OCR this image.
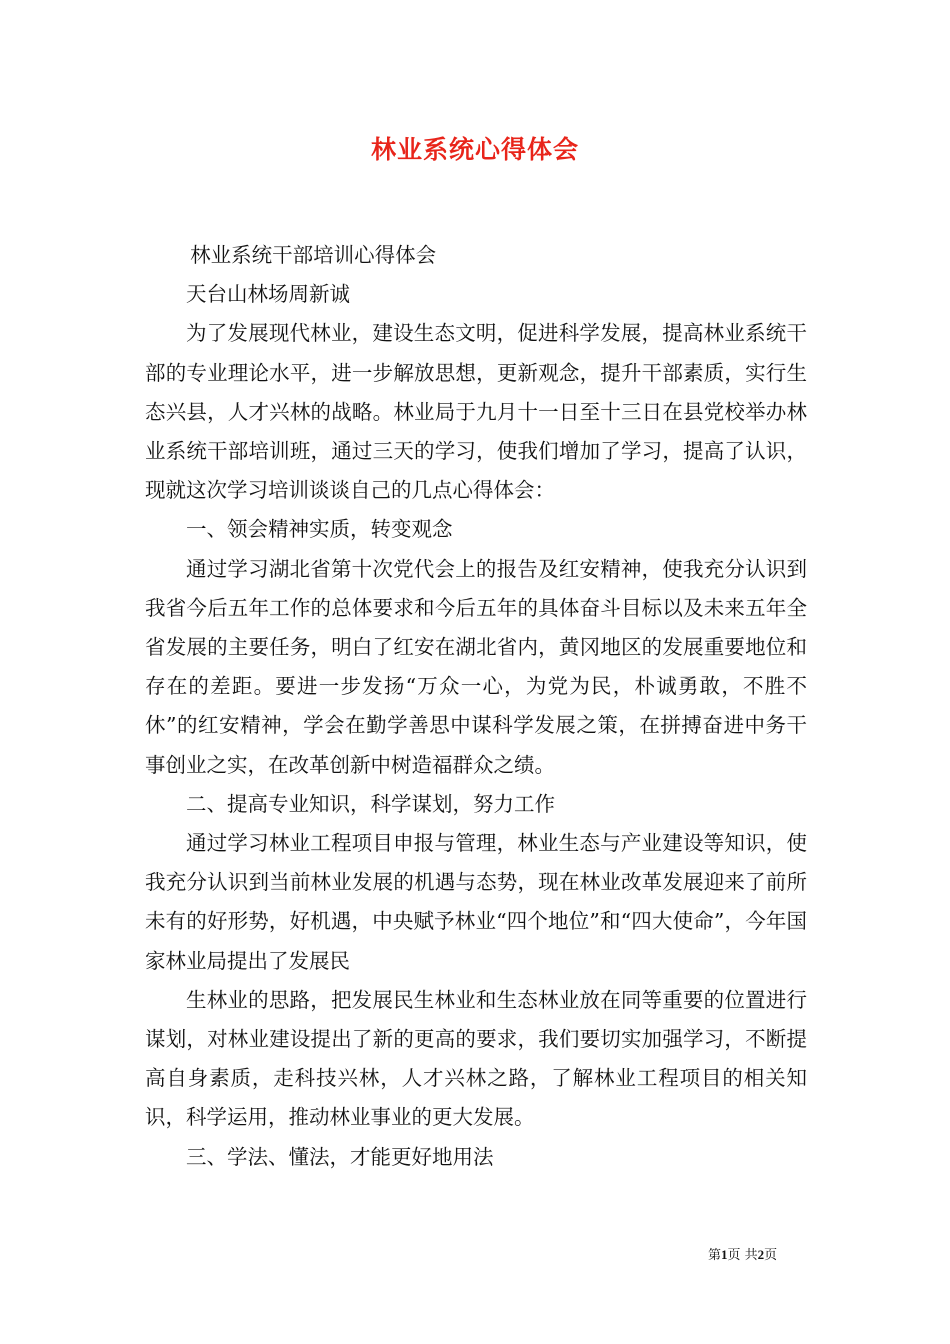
林业系统心得体会

林业系统干部培训心得体会

天台山林场周新诚

为了发展现代林业，建设生态文明，促进科学发展，提高林业系统干部的专业理论水平，进一步解放思想，更新观念，提升干部素质，实行生态兴县，人才兴林的战略。林业局于九月十一日至十三日在县党校举办林业系统干部培训班，通过三天的学习，使我们增加了学习，提高了认识，现就这次学习培训谈谈自己的几点心得体会：

一、领会精神实质，转变观念

通过学习湖北省第十次党代会上的报告及红安精神，使我充分认识到我省今后五年工作的总体要求和今后五年的具体奋斗目标以及未来五年全省发展的主要任务，明白了红安在湖北省内，黄冈地区的发展重要地位和存在的差距。要进一步发扬“万众一心，为党为民，朴诚勇敢，不胜不休”的红安精神，学会在勤学善思中谋科学发展之策，在拼搏奋进中务干事创业之实，在改革创新中树造福群众之绩。

二、提高专业知识，科学谋划，努力工作

通过学习林业工程项目申报与管理，林业生态与产业建设等知识，使我充分认识到当前林业发展的机遇与态势，现在林业改革发展迎来了前所未有的好形势，好机遇，中央赋予林业“四个地位”和“四大使命”，今年国家林业局提出了发展民

生林业的思路，把发展民生林业和生态林业放在同等重要的位置进行谋划，对林业建设提出了新的更高的要求，我们要切实加强学习，不断提高自身素质，走科技兴林，人才兴林之路，了解林业工程项目的相关知识，科学运用，推动林业事业的更大发展。

三、学法、懂法，才能更好地用法

第1页 共2页
